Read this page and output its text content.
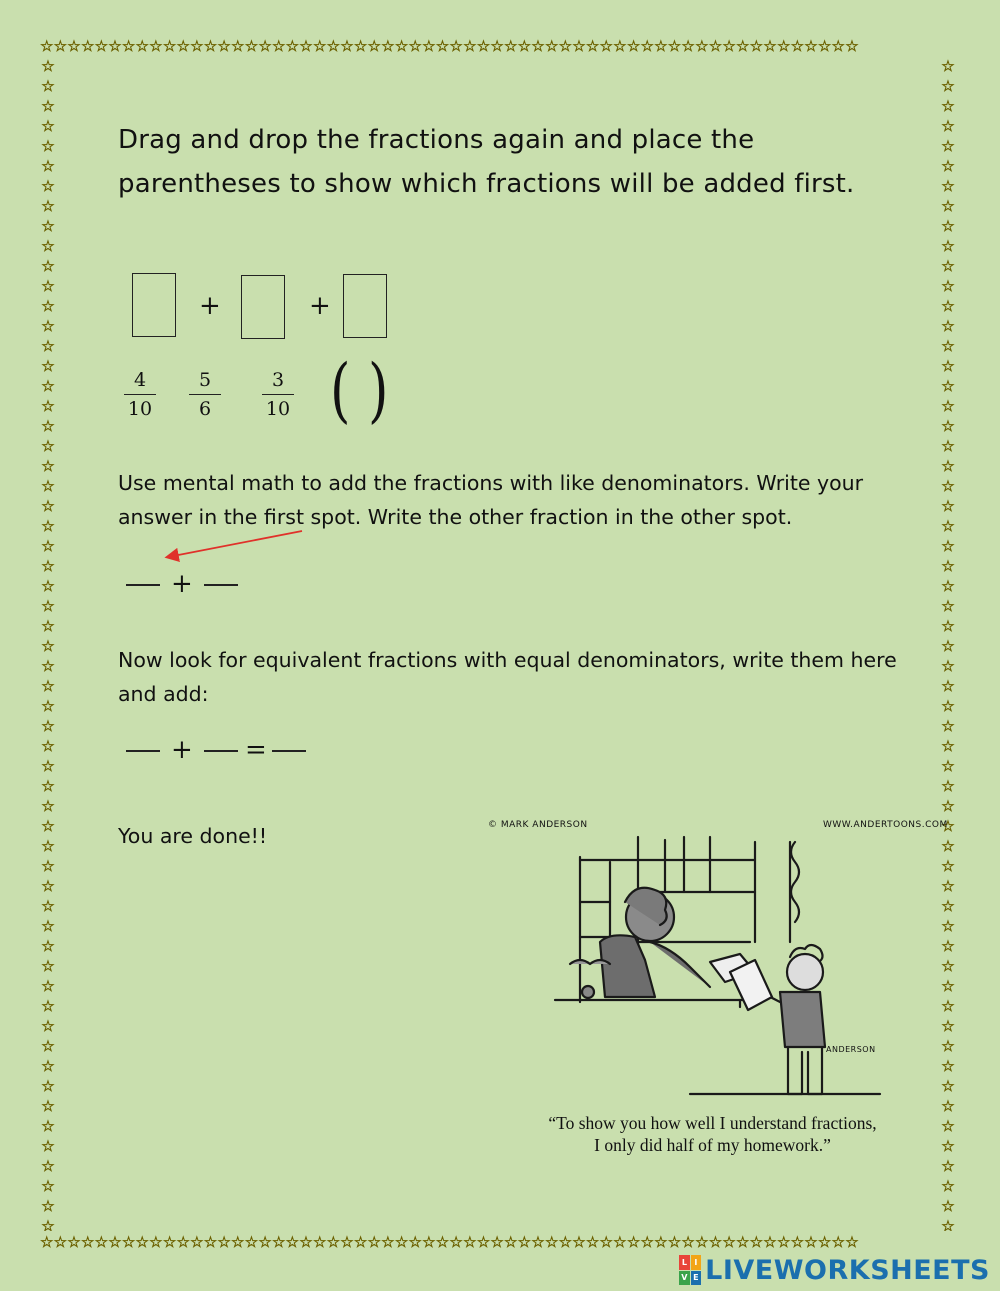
☆☆☆☆☆☆☆☆☆☆☆☆☆☆☆☆☆☆☆☆☆☆☆☆☆☆☆☆☆☆☆☆☆☆☆☆☆☆☆☆☆☆☆☆☆☆☆☆☆☆☆☆☆☆☆☆☆☆☆☆
☆☆☆☆☆☆☆☆☆☆☆☆☆☆☆☆☆☆☆☆☆☆☆☆☆☆☆☆☆☆☆☆☆☆☆☆☆☆☆☆☆☆☆☆☆☆☆☆☆☆☆☆☆☆☆☆☆☆☆☆
☆
☆
☆
☆
☆
☆
☆
☆
☆
☆
☆
☆
☆
☆
☆
☆
☆
☆
☆
☆
☆
☆
☆
☆
☆
☆
☆
☆
☆
☆
☆
☆
☆
☆
☆
☆
☆
☆
☆
☆
☆
☆
☆
☆
☆
☆
☆
☆
☆
☆
☆
☆
☆
☆
☆
☆
☆
☆
☆

☆
☆
☆
☆
☆
☆
☆
☆
☆
☆
☆
☆
☆
☆
☆
☆
☆
☆
☆
☆
☆
☆
☆
☆
☆
☆
☆
☆
☆
☆
☆
☆
☆
☆
☆
☆
☆
☆
☆
☆
☆
☆
☆
☆
☆
☆
☆
☆
☆
☆
☆
☆
☆
☆
☆
☆
☆
☆
☆

Drag and drop the fractions again and place the
parentheses to show which fractions will be added first.
+	+
4
10
5
6
3
10 ( )
Use mental math to add the fractions with like denominators. Write your
answer in the first spot. Write the other fraction in the other spot.
+
Now look for equivalent fractions with equal denominators, write them here
and add:
+ =
You are done!!	© MARK ANDERSON	WWW.ANDERTOONS.COM
ANDERSON
“To show you how well I understand fractions,
I only did half of my homework.”
L I
V E LIVEWORKSHEETS
